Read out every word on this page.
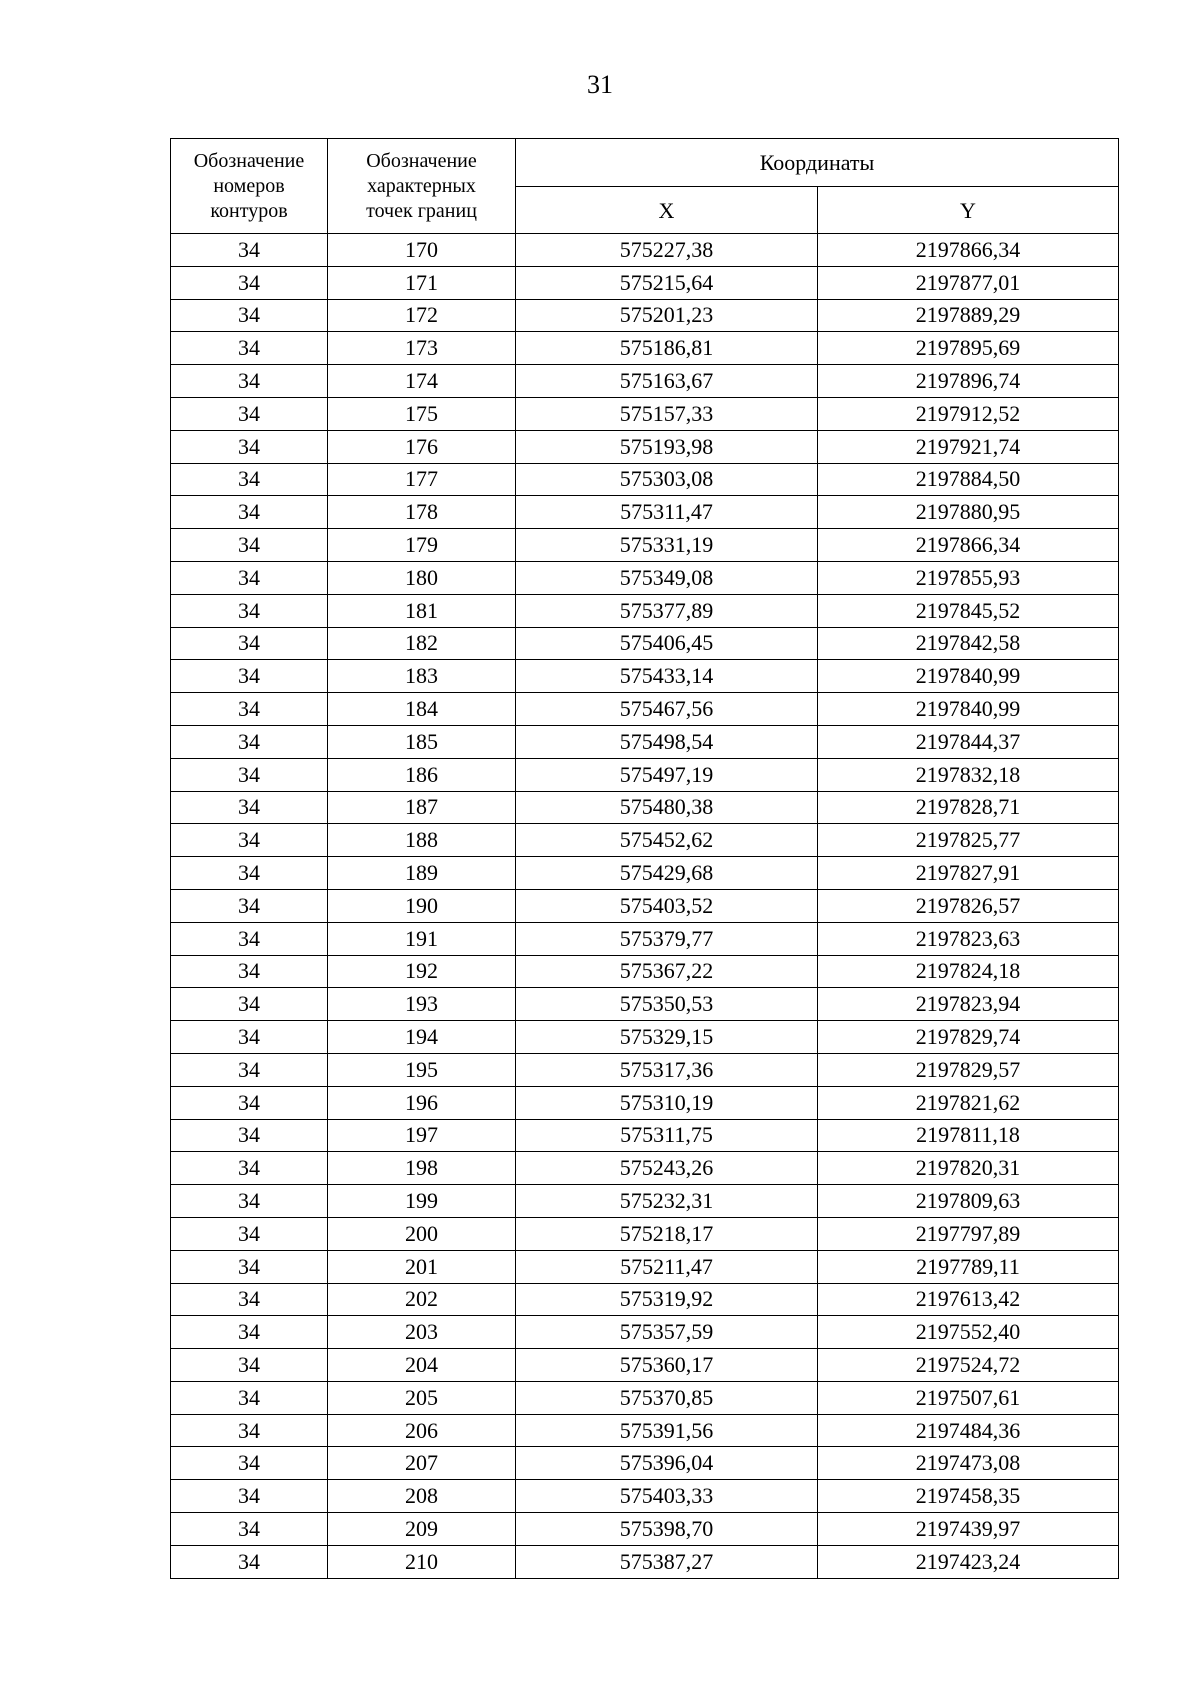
31
Обозначение
номеров
контуров	Обозначение
характерных
точек границ	Координаты	
		X	Y
34	170	575227,38	2197866,34
34	171	575215,64	2197877,01
34	172	575201,23	2197889,29
34	173	575186,81	2197895,69
34	174	575163,67	2197896,74
34	175	575157,33	2197912,52
34	176	575193,98	2197921,74
34	177	575303,08	2197884,50
34	178	575311,47	2197880,95
34	179	575331,19	2197866,34
34	180	575349,08	2197855,93
34	181	575377,89	2197845,52
34	182	575406,45	2197842,58
34	183	575433,14	2197840,99
34	184	575467,56	2197840,99
34	185	575498,54	2197844,37
34	186	575497,19	2197832,18
34	187	575480,38	2197828,71
34	188	575452,62	2197825,77
34	189	575429,68	2197827,91
34	190	575403,52	2197826,57
34	191	575379,77	2197823,63
34	192	575367,22	2197824,18
34	193	575350,53	2197823,94
34	194	575329,15	2197829,74
34	195	575317,36	2197829,57
34	196	575310,19	2197821,62
34	197	575311,75	2197811,18
34	198	575243,26	2197820,31
34	199	575232,31	2197809,63
34	200	575218,17	2197797,89
34	201	575211,47	2197789,11
34	202	575319,92	2197613,42
34	203	575357,59	2197552,40
34	204	575360,17	2197524,72
34	205	575370,85	2197507,61
34	206	575391,56	2197484,36
34	207	575396,04	2197473,08
34	208	575403,33	2197458,35
34	209	575398,70	2197439,97
34	210	575387,27	2197423,24
